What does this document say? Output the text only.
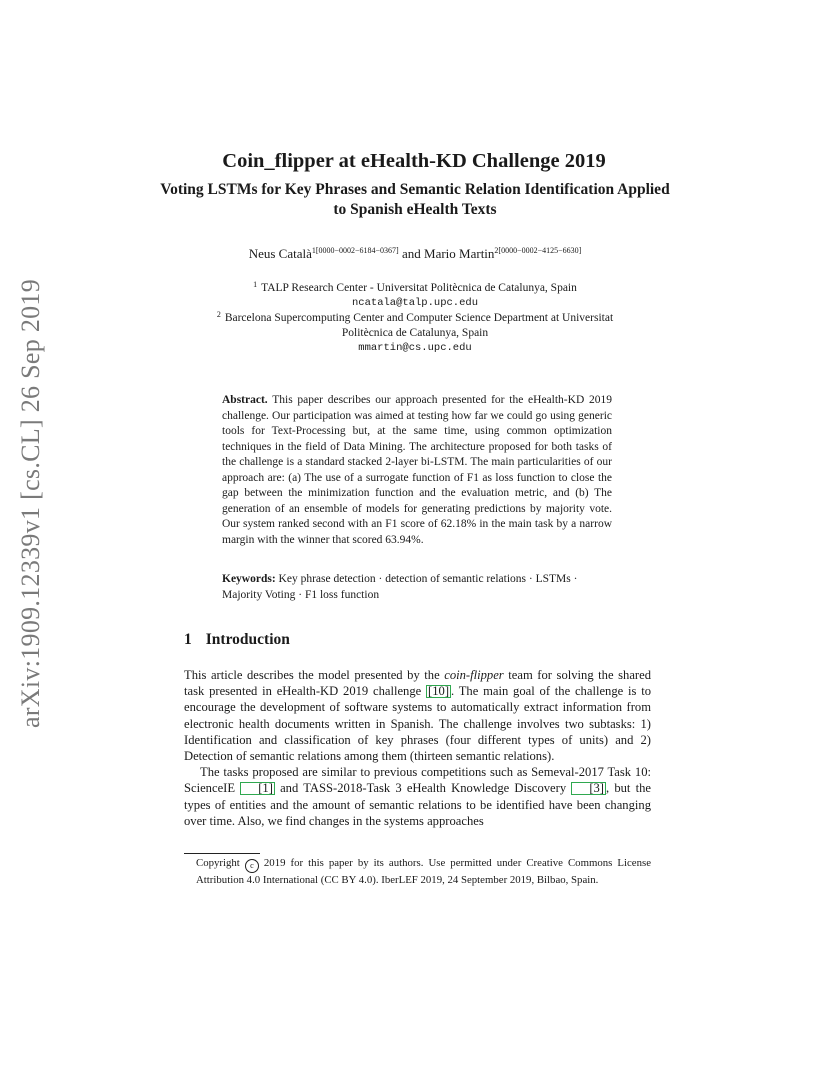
arXiv:1909.12339v1 [cs.CL] 26 Sep 2019
Coin_flipper at eHealth-KD Challenge 2019
Voting LSTMs for Key Phrases and Semantic Relation Identification Applied to Spanish eHealth Texts
Neus Català$^{1[0000-0002-6184-0367]}$ and Mario Martin$^{2[0000-0002-4125-6630]}$
$^1$ TALP Research Center - Universitat Politècnica de Catalunya, Spain
ncatala@talp.upc.edu
$^2$ Barcelona Supercomputing Center and Computer Science Department at Universitat Politècnica de Catalunya, Spain
mmartin@cs.upc.edu
Abstract. This paper describes our approach presented for the eHealth-KD 2019 challenge. Our participation was aimed at testing how far we could go using generic tools for Text-Processing but, at the same time, using common optimization techniques in the field of Data Mining. The architecture proposed for both tasks of the challenge is a standard stacked 2-layer bi-LSTM. The main particularities of our approach are: (a) The use of a surrogate function of F1 as loss function to close the gap between the minimization function and the evaluation metric, and (b) The generation of an ensemble of models for generating predictions by majority vote. Our system ranked second with an F1 score of 62.18% in the main task by a narrow margin with the winner that scored 63.94%.
Keywords: Key phrase detection · detection of semantic relations · LSTMs · Majority Voting · F1 loss function
1 Introduction

This article describes the model presented by the coin-flipper team for solving the shared task presented in eHealth-KD 2019 challenge [10] . The main goal of the challenge is to encourage the development of software systems to automatically extract information from electronic health documents written in Spanish. The challenge involves two subtasks: 1) Identification and classification of key phrases (four different types of units) and 2) Detection of semantic relations among them (thirteen semantic relations).

The tasks proposed are similar to previous competitions such as Semeval-2017 Task 10: ScienceIE [1] and TASS-2018-Task 3 eHealth Knowledge Discovery [3] , but the types of entities and the amount of semantic relations to be identified have been changing over time. Also, we find changes in the systems approaches

Copyright c 2019 for this paper by its authors. Use permitted under Creative Commons License Attribution 4.0 International (CC BY 4.0). IberLEF 2019, 24 September 2019, Bilbao, Spain.
